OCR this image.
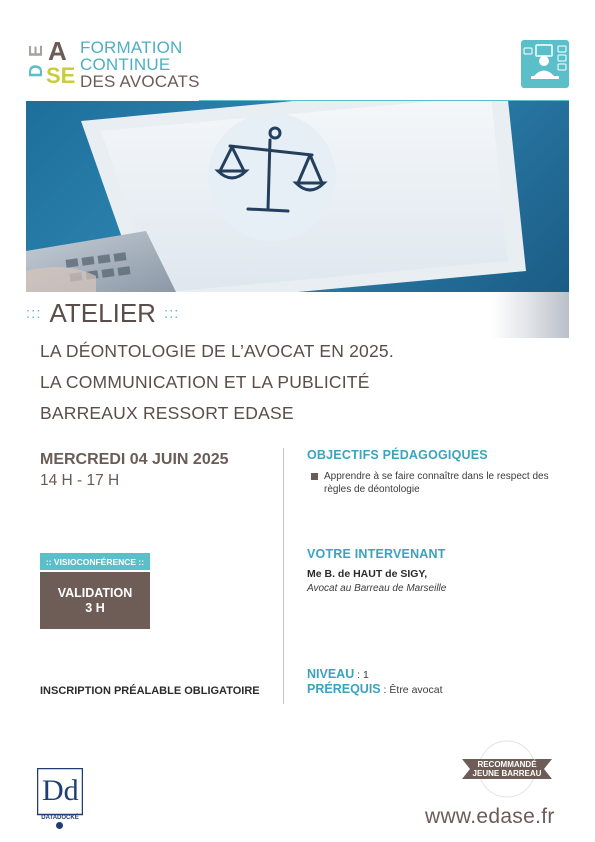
E
D
A
SE
FORMATION
CONTINUE
DES AVOCATS
::: ATELIER :::
LA DÉONTOLOGIE DE L’AVOCAT EN 2025.
LA COMMUNICATION ET LA PUBLICITÉ
BARREAUX RESSORT EDASE
MERCREDI 04 JUIN 2025
14 H - 17 H
:: VISIOCONFÉRENCE ::
VALIDATION
3 H
INSCRIPTION PRÉALABLE OBLIGATOIRE
OBJECTIFS PÉDAGOGIQUES
Apprendre à se faire connaître dans le respect des règles de déontologie
VOTRE INTERVENANT
Me B. de HAUT de SIGY,
Avocat au Barreau de Marseille
NIVEAU : 1
PRÉREQUIS : Être avocat
Dd
DATADOCKÉ
RECOMMANDÉ
JEUNE BARREAU
www.edase.fr
